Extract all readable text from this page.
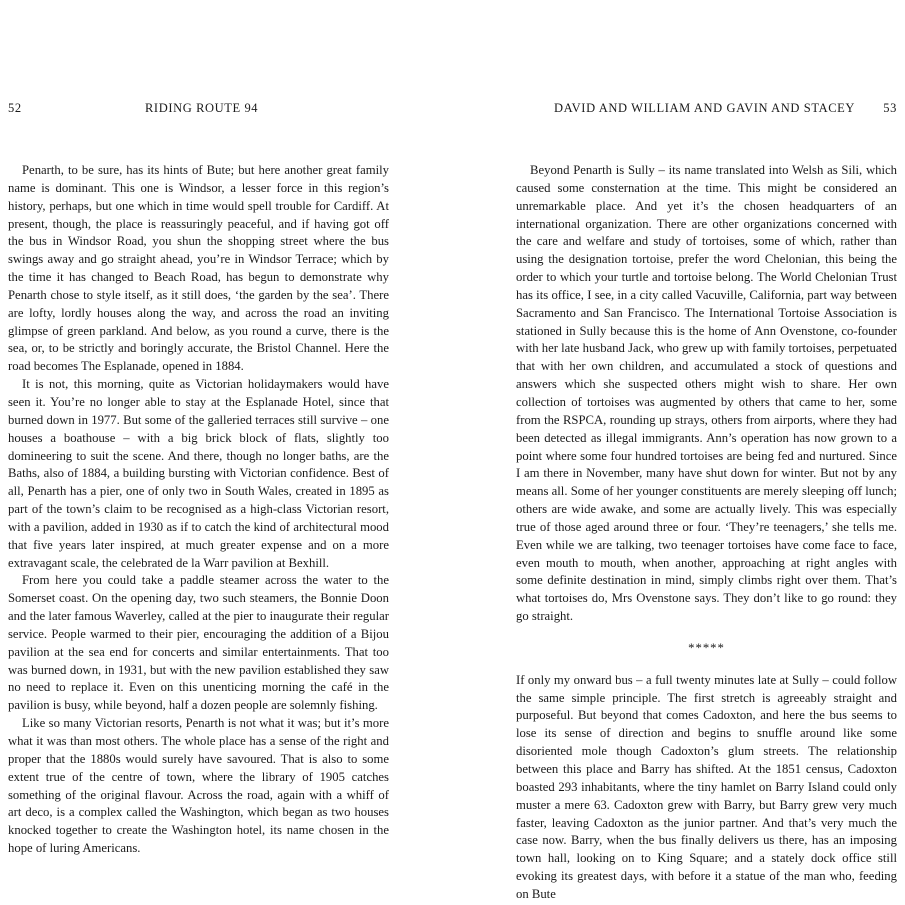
52	RIDING ROUTE 94

Penarth, to be sure, has its hints of Bute; but here another great family name is dominant. This one is Windsor, a lesser force in this region’s history, perhaps, but one which in time would spell trouble for Cardiff. At present, though, the place is reassuringly peaceful, and if having got off the bus in Windsor Road, you shun the shopping street where the bus swings away and go straight ahead, you’re in Windsor Terrace; which by the time it has changed to Beach Road, has begun to demonstrate why Penarth chose to style itself, as it still does, ‘the garden by the sea’. There are lofty, lordly houses along the way, and across the road an inviting glimpse of green parkland. And below, as you round a curve, there is the sea, or, to be strictly and boringly accurate, the Bristol Channel. Here the road becomes The Esplanade, opened in 1884.

It is not, this morning, quite as Victorian holidaymakers would have seen it. You’re no longer able to stay at the Esplanade Hotel, since that burned down in 1977. But some of the galleried terraces still survive – one houses a boathouse – with a big brick block of flats, slightly too domineering to suit the scene. And there, though no longer baths, are the Baths, also of 1884, a building bursting with Victorian confidence. Best of all, Penarth has a pier, one of only two in South Wales, created in 1895 as part of the town’s claim to be recognised as a high-class Victorian resort, with a pavilion, added in 1930 as if to catch the kind of architectural mood that five years later inspired, at much greater expense and on a more extravagant scale, the celebrated de la Warr pavilion at Bexhill.

From here you could take a paddle steamer across the water to the Somerset coast. On the opening day, two such steamers, the Bonnie Doon and the later famous Waverley, called at the pier to inaugurate their regular service. People warmed to their pier, encouraging the addition of a Bijou pavilion at the sea end for concerts and similar entertainments. That too was burned down, in 1931, but with the new pavilion established they saw no need to replace it. Even on this unenticing morning the café in the pavilion is busy, while beyond, half a dozen people are solemnly fishing.

Like so many Victorian resorts, Penarth is not what it was; but it’s more what it was than most others. The whole place has a sense of the right and proper that the 1880s would surely have savoured. That is also to some extent true of the centre of town, where the library of 1905 catches something of the original flavour. Across the road, again with a whiff of art deco, is a complex called the Washington, which began as two houses knocked together to create the Washington hotel, its name chosen in the hope of luring Americans.

DAVID AND WILLIAM AND GAVIN AND STACEY 53

Beyond Penarth is Sully – its name translated into Welsh as Sili, which caused some consternation at the time. This might be considered an unremarkable place. And yet it’s the chosen headquarters of an international organization. There are other organizations concerned with the care and welfare and study of tortoises, some of which, rather than using the designation tortoise, prefer the word Chelonian, this being the order to which your turtle and tortoise belong. The World Chelonian Trust has its office, I see, in a city called Vacuville, California, part way between Sacramento and San Francisco. The International Tortoise Association is stationed in Sully because this is the home of Ann Ovenstone, co-founder with her late husband Jack, who grew up with family tortoises, perpetuated that with her own children, and accumulated a stock of questions and answers which she suspected others might wish to share. Her own collection of tortoises was augmented by others that came to her, some from the RSPCA, rounding up strays, others from airports, where they had been detected as illegal immigrants. Ann’s operation has now grown to a point where some four hundred tortoises are being fed and nurtured. Since I am there in November, many have shut down for winter. But not by any means all. Some of her younger constituents are merely sleeping off lunch; others are wide awake, and some are actually lively. This was especially true of those aged around three or four. ‘They’re teenagers,’ she tells me. Even while we are talking, two teenager tortoises have come face to face, even mouth to mouth, when another, approaching at right angles with some definite destination in mind, simply climbs right over them. That’s what tortoises do, Mrs Ovenstone says. They don’t like to go round: they go straight.

*****

If only my onward bus – a full twenty minutes late at Sully – could follow the same simple principle. The first stretch is agreeably straight and purposeful. But beyond that comes Cadoxton, and here the bus seems to lose its sense of direction and begins to snuffle around like some disoriented mole though Cadoxton’s glum streets. The relationship between this place and Barry has shifted. At the 1851 census, Cadoxton boasted 293 inhabitants, where the tiny hamlet on Barry Island could only muster a mere 63. Cadoxton grew with Barry, but Barry grew very much faster, leaving Cadoxton as the junior partner. And that’s very much the case now. Barry, when the bus finally delivers us there, has an imposing town hall, looking on to King Square; and a stately dock office still evoking its greatest days, with before it a statue of the man who, feeding on Bute
